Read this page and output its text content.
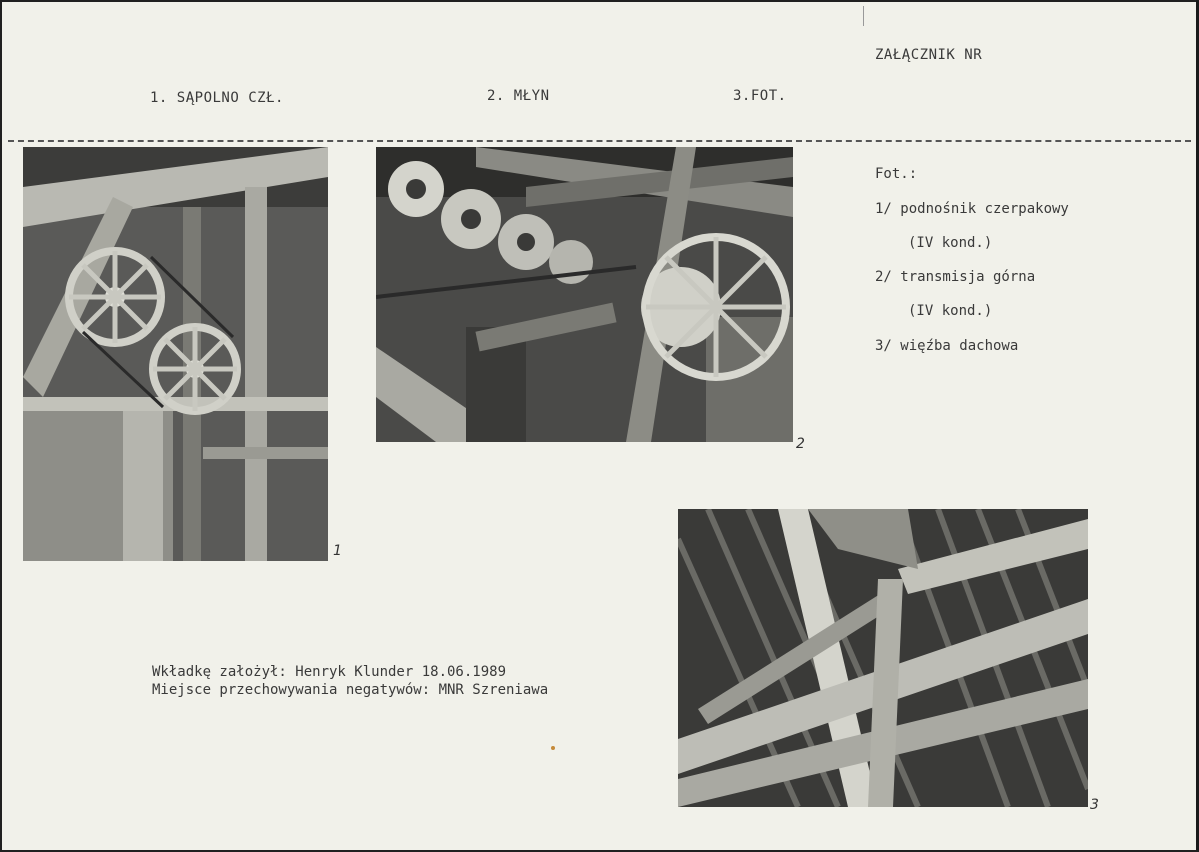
1. SĄPOLNO CZŁ.	2. MŁYN	3.FOT.
ZAŁĄCZNIK NR
1
2
3
Fot.:
1/ podnośnik czerpakowy
(IV kond.)
2/ transmisja górna
(IV kond.)
3/ więźba dachowa
Wkładkę założył: Henryk Klunder 18.06.1989
Miejsce przechowywania negatywów: MNR Szreniawa
